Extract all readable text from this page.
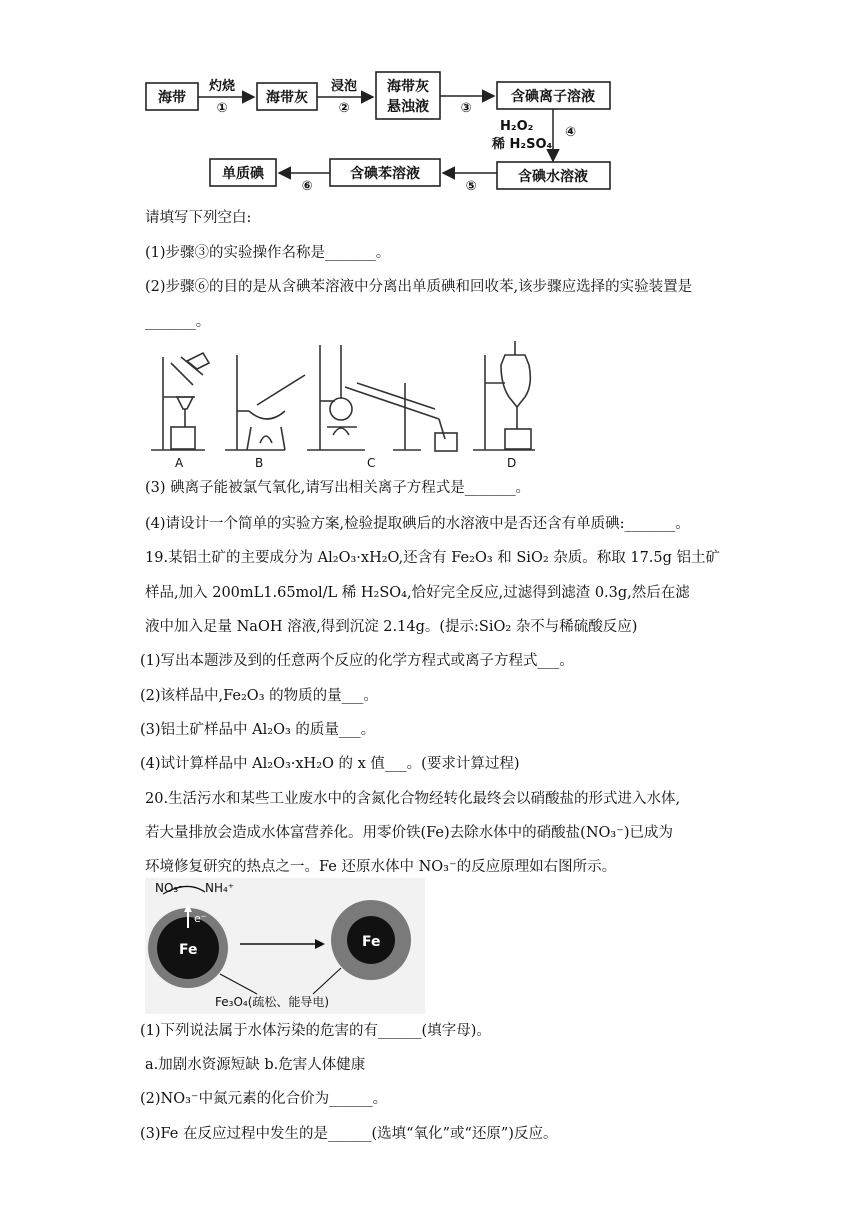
海带	海带灰
海带灰
悬浊液
含碘离子溶液
灼烧
①
浸泡
②	③
H₂O₂
稀 H₂SO₄
④
含碘水溶液
含碘苯溶液
单质碘
⑤
⑥
请填写下列空白:
(1)步骤③的实验操作名称是_______。
(2)步骤⑥的目的是从含碘苯溶液中分离出单质碘和回收苯,该步骤应选择的实验装置是
_______。
A	B	C	D
(3) 碘离子能被氯气氧化,请写出相关离子方程式是_______。
(4)请设计一个简单的实验方案,检验提取碘后的水溶液中是否还含有单质碘:_______。
19.某铝土矿的主要成分为 Al₂O₃·xH₂O,还含有 Fe₂O₃ 和 SiO₂ 杂质。称取 17.5g 铝土矿
样品,加入 200mL1.65mol/L 稀 H₂SO₄,恰好完全反应,过滤得到滤渣 0.3g,然后在滤
液中加入足量 NaOH 溶液,得到沉淀 2.14g。(提示:SiO₂ 杂不与稀硫酸反应)
(1)写出本题涉及到的任意两个反应的化学方程式或离子方程式___。
(2)该样品中,Fe₂O₃ 的物质的量___。
(3)铝土矿样品中 Al₂O₃ 的质量___。
(4)试计算样品中 Al₂O₃·xH₂O 的 x 值___。(要求计算过程)
20.生活污水和某些工业废水中的含氮化合物经转化最终会以硝酸盐的形式进入水体,
若大量排放会造成水体富营养化。用零价铁(Fe)去除水体中的硝酸盐(NO₃⁻)已成为
环境修复研究的热点之一。Fe 还原水体中 NO₃⁻的反应原理如右图所示。
NO₃⁻ NH₄⁺
e⁻
Fe	Fe
Fe₃O₄(疏松、能导电)
(1)下列说法属于水体污染的危害的有______(填字母)。
a.加剧水资源短缺 b.危害人体健康
(2)NO₃⁻中氮元素的化合价为______。
(3)Fe 在反应过程中发生的是______(选填“氧化”或“还原”)反应。
